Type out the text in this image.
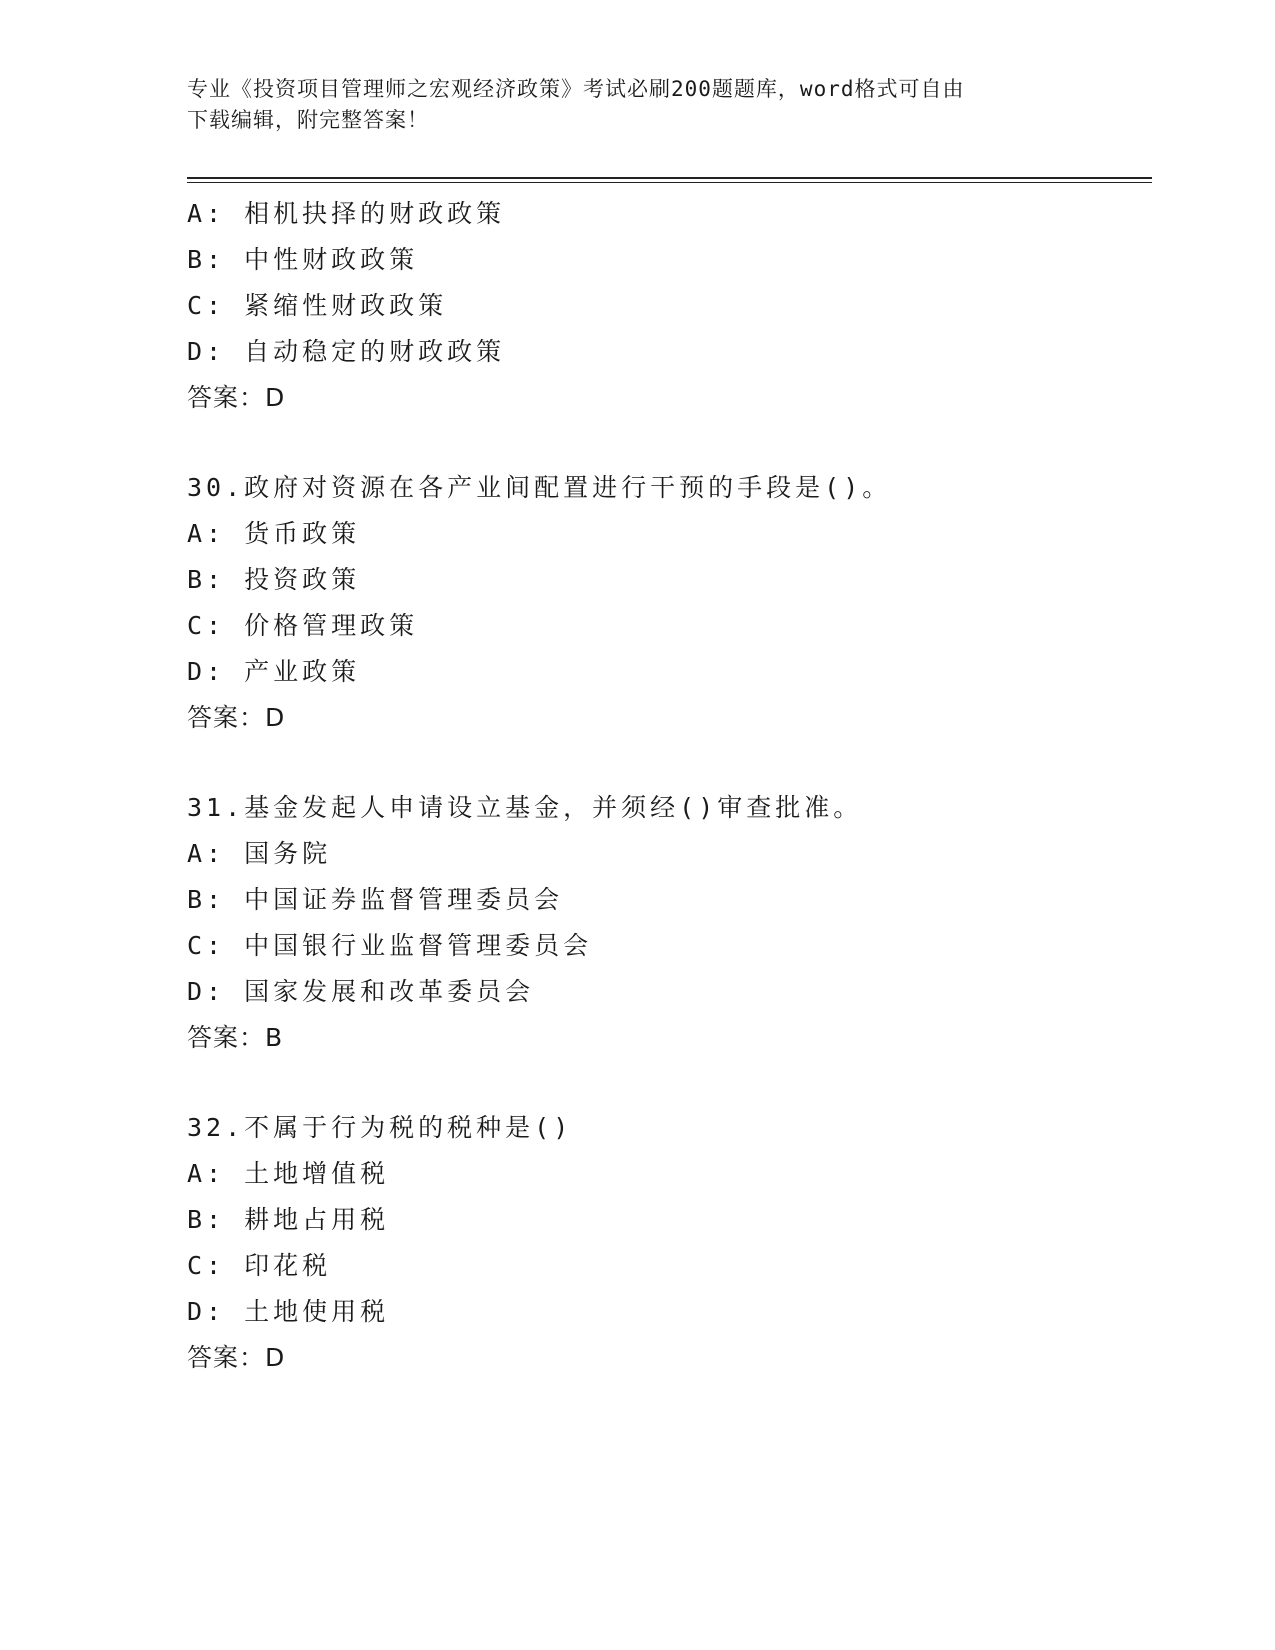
专业《投资项目管理师之宏观经济政策》考试必刷200题题库，word格式可自由
下载编辑，附完整答案！
A: 相机抉择的财政政策
B: 中性财政政策
C: 紧缩性财政政策
D: 自动稳定的财政政策
答案：D
30.政府对资源在各产业间配置进行干预的手段是()。
A: 货币政策
B: 投资政策
C: 价格管理政策
D: 产业政策
答案：D
31.基金发起人申请设立基金，并须经()审查批准。
A: 国务院
B: 中国证券监督管理委员会
C: 中国银行业监督管理委员会
D: 国家发展和改革委员会
答案：B
32.不属于行为税的税种是()
A: 土地增值税
B: 耕地占用税
C: 印花税
D: 土地使用税
答案：D
